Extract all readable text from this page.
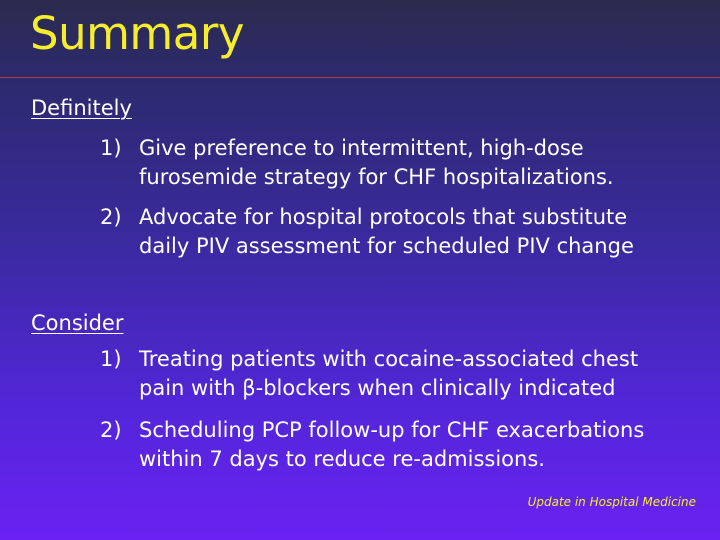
Summary
Definitely
1) Give preference to intermittent, high-dose
furosemide strategy for CHF hospitalizations.
2) Advocate for hospital protocols that substitute
daily PIV assessment for scheduled PIV change
Consider
1) Treating patients with cocaine-associated chest
pain with β-blockers when clinically indicated
2) Scheduling PCP follow-up for CHF exacerbations
within 7 days to reduce re-admissions.
Update in Hospital Medicine
